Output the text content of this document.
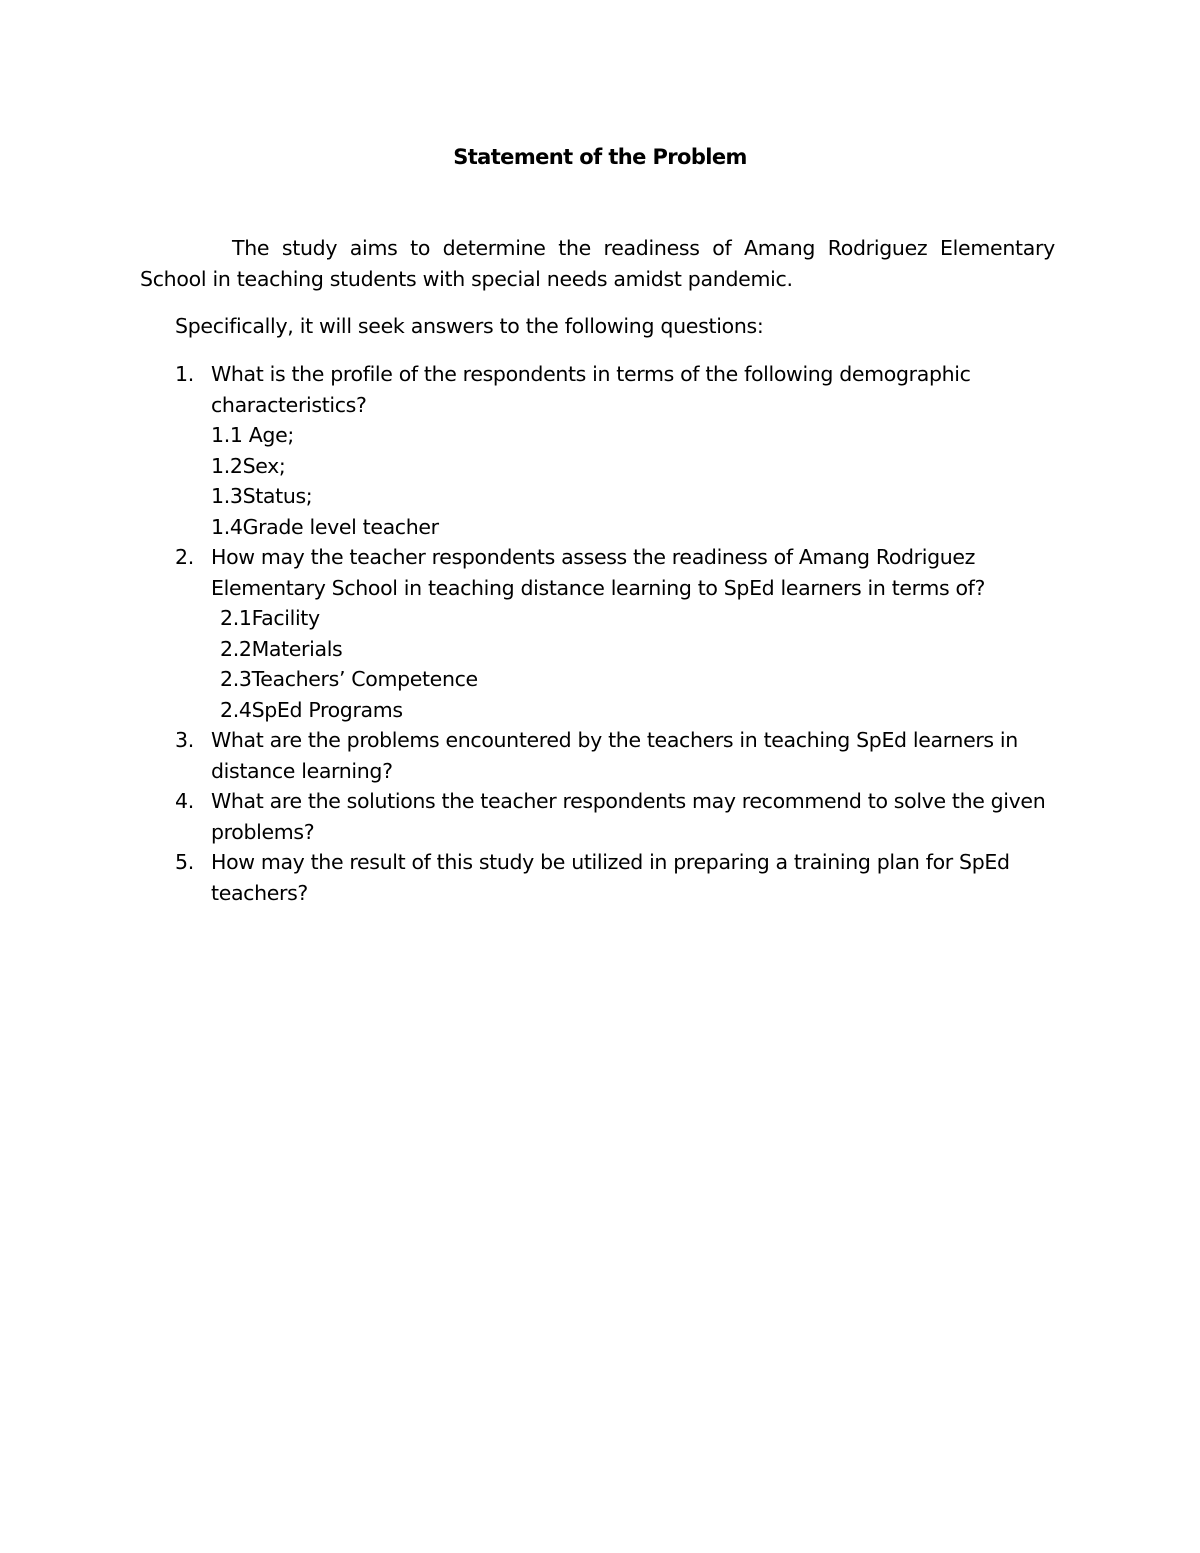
Statement of the Problem

The study aims to determine the readiness of Amang Rodriguez Elementary School in teaching students with special needs amidst pandemic.

Specifically, it will seek answers to the following questions:

1. What is the profile of the respondents in terms of the following demographic characteristics?
1.1 Age;
1.2Sex;
1.3Status;
1.4Grade level teacher
2. How may the teacher respondents assess the readiness of Amang Rodriguez Elementary School in teaching distance learning to SpEd learners in terms of?
2.1Facility
2.2Materials
2.3Teachers’ Competence
2.4SpEd Programs
3. What are the problems encountered by the teachers in teaching SpEd learners in distance learning?
4. What are the solutions the teacher respondents may recommend to solve the given problems?
5. How may the result of this study be utilized in preparing a training plan for SpEd teachers?
